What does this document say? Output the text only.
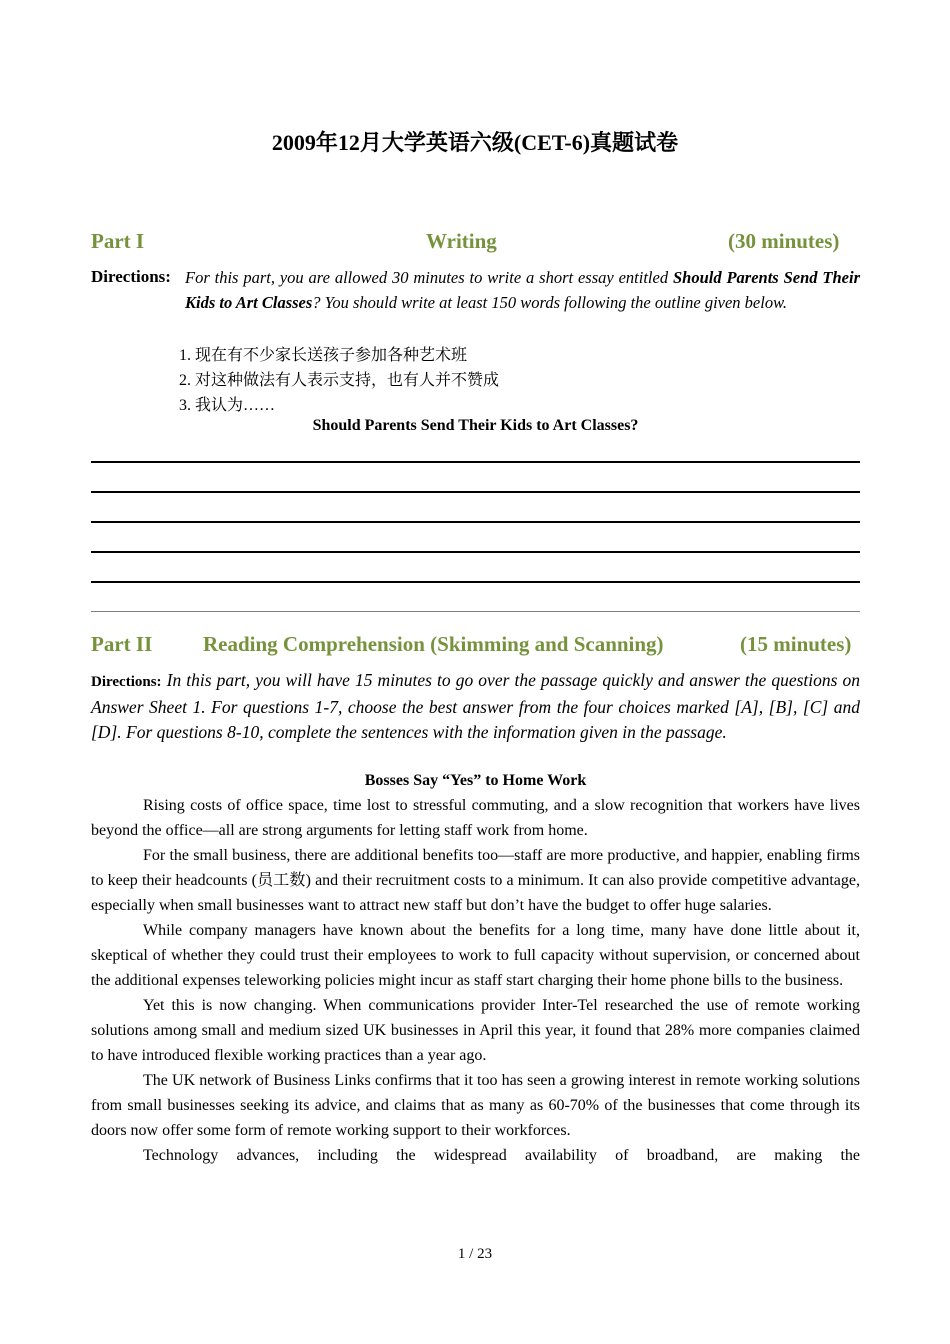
2009年12月大学英语六级(CET-6)真题试卷
Part I	Writing	(30 minutes)
Directions: For this part, you are allowed 30 minutes to write a short essay entitled Should Parents Send Their Kids to Art Classes? You should write at least 150 words following the outline given below.
1. 现在有不少家长送孩子参加各种艺术班
2. 对这种做法有人表示支持，也有人并不赞成
3. 我认为……
Should Parents Send Their Kids to Art Classes?
Part II Reading Comprehension (Skimming and Scanning)	(15 minutes)
Directions: In this part, you will have 15 minutes to go over the passage quickly and answer the questions on Answer Sheet 1. For questions 1-7, choose the best answer from the four choices marked [A], [B], [C] and [D]. For questions 8-10, complete the sentences with the information given in the passage.
Bosses Say “Yes” to Home Work

Rising costs of office space, time lost to stressful commuting, and a slow recognition that workers have lives beyond the office—all are strong arguments for letting staff work from home.

For the small business, there are additional benefits too—staff are more productive, and happier, enabling firms to keep their headcounts (员工数) and their recruitment costs to a minimum. It can also provide competitive advantage, especially when small businesses want to attract new staff but don’t have the budget to offer huge salaries.

While company managers have known about the benefits for a long time, many have done little about it, skeptical of whether they could trust their employees to work to full capacity without supervision, or concerned about the additional expenses teleworking policies might incur as staff start charging their home phone bills to the business.

Yet this is now changing. When communications provider Inter-Tel researched the use of remote working solutions among small and medium sized UK businesses in April this year, it found that 28% more companies claimed to have introduced flexible working practices than a year ago.

The UK network of Business Links confirms that it too has seen a growing interest in remote working solutions from small businesses seeking its advice, and claims that as many as 60-70% of the businesses that come through its doors now offer some form of remote working support to their workforces.

Technology advances, including the widespread availability of broadband, are making the

1 / 23
